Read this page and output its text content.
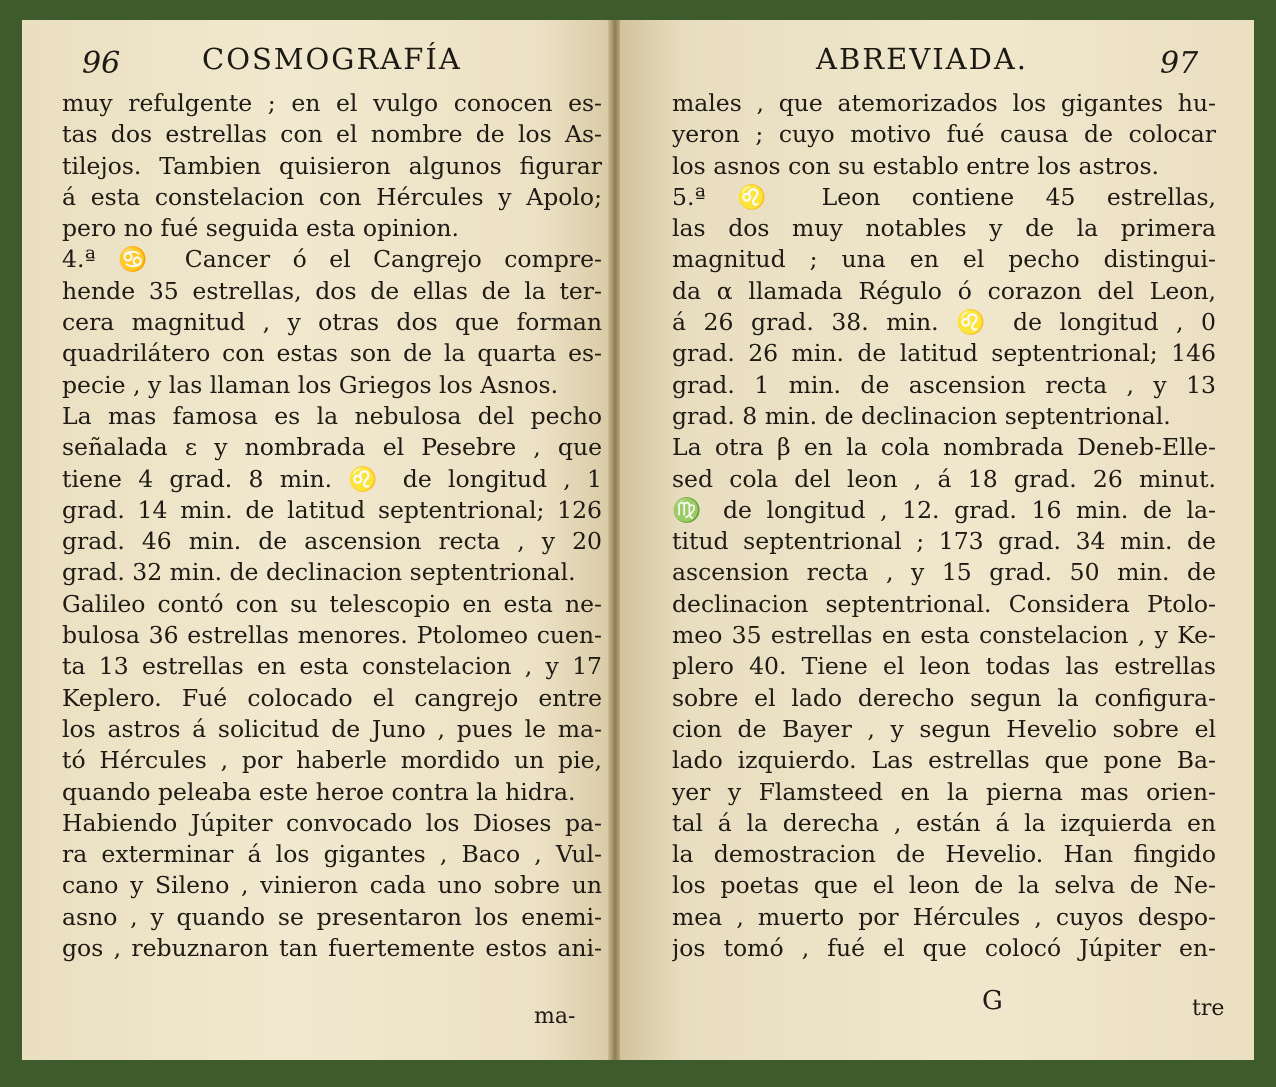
96	COSMOGRAFÍA
muy refulgente ; en el vulgo conocen es-
tas dos estrellas con el nombre de los As-
tilejos. Tambien quisieron algunos figurar
á esta constelacion con Hércules y Apolo;
pero no fué seguida esta opinion.
4.ª ♋ Cancer ó el Cangrejo compre-
hende 35 estrellas, dos de ellas de la ter-
cera magnitud , y otras dos que forman
quadrilátero con estas son de la quarta es-
pecie , y las llaman los Griegos los Asnos.
La mas famosa es la nebulosa del pecho
señalada ε y nombrada el Pesebre , que
tiene 4 grad. 8 min. ♌ de longitud , 1
grad. 14 min. de latitud septentrional; 126
grad. 46 min. de ascension recta , y 20
grad. 32 min. de declinacion septentrional.
Galileo contó con su telescopio en esta ne-
bulosa 36 estrellas menores. Ptolomeo cuen-
ta 13 estrellas en esta constelacion , y 17
Keplero. Fué colocado el cangrejo entre
los astros á solicitud de Juno , pues le ma-
tó Hércules , por haberle mordido un pie,
quando peleaba este heroe contra la hidra.
Habiendo Júpiter convocado los Dioses pa-
ra exterminar á los gigantes , Baco , Vul-
cano y Sileno , vinieron cada uno sobre un
asno , y quando se presentaron los enemi-
gos , rebuznaron tan fuertemente estos ani-
ma-
ABREVIADA.	97
males , que atemorizados los gigantes hu-
yeron ; cuyo motivo fué causa de colocar
los asnos con su establo entre los astros.
5.ª ♌ Leon contiene 45 estrellas,
las dos muy notables y de la primera
magnitud ; una en el pecho distingui-
da α llamada Régulo ó corazon del Leon,
á 26 grad. 38. min. ♌ de longitud , 0
grad. 26 min. de latitud septentrional; 146
grad. 1 min. de ascension recta , y 13
grad. 8 min. de declinacion septentrional.
La otra β en la cola nombrada Deneb-Elle-
sed cola del leon , á 18 grad. 26 minut.
♍ de longitud , 12. grad. 16 min. de la-
titud septentrional ; 173 grad. 34 min. de
ascension recta , y 15 grad. 50 min. de
declinacion septentrional. Considera Ptolo-
meo 35 estrellas en esta constelacion , y Ke-
plero 40. Tiene el leon todas las estrellas
sobre el lado derecho segun la configura-
cion de Bayer , y segun Hevelio sobre el
lado izquierdo. Las estrellas que pone Ba-
yer y Flamsteed en la pierna mas orien-
tal á la derecha , están á la izquierda en
la demostracion de Hevelio. Han fingido
los poetas que el leon de la selva de Ne-
mea , muerto por Hércules , cuyos despo-
jos tomó , fué el que colocó Júpiter en-
G	tre
